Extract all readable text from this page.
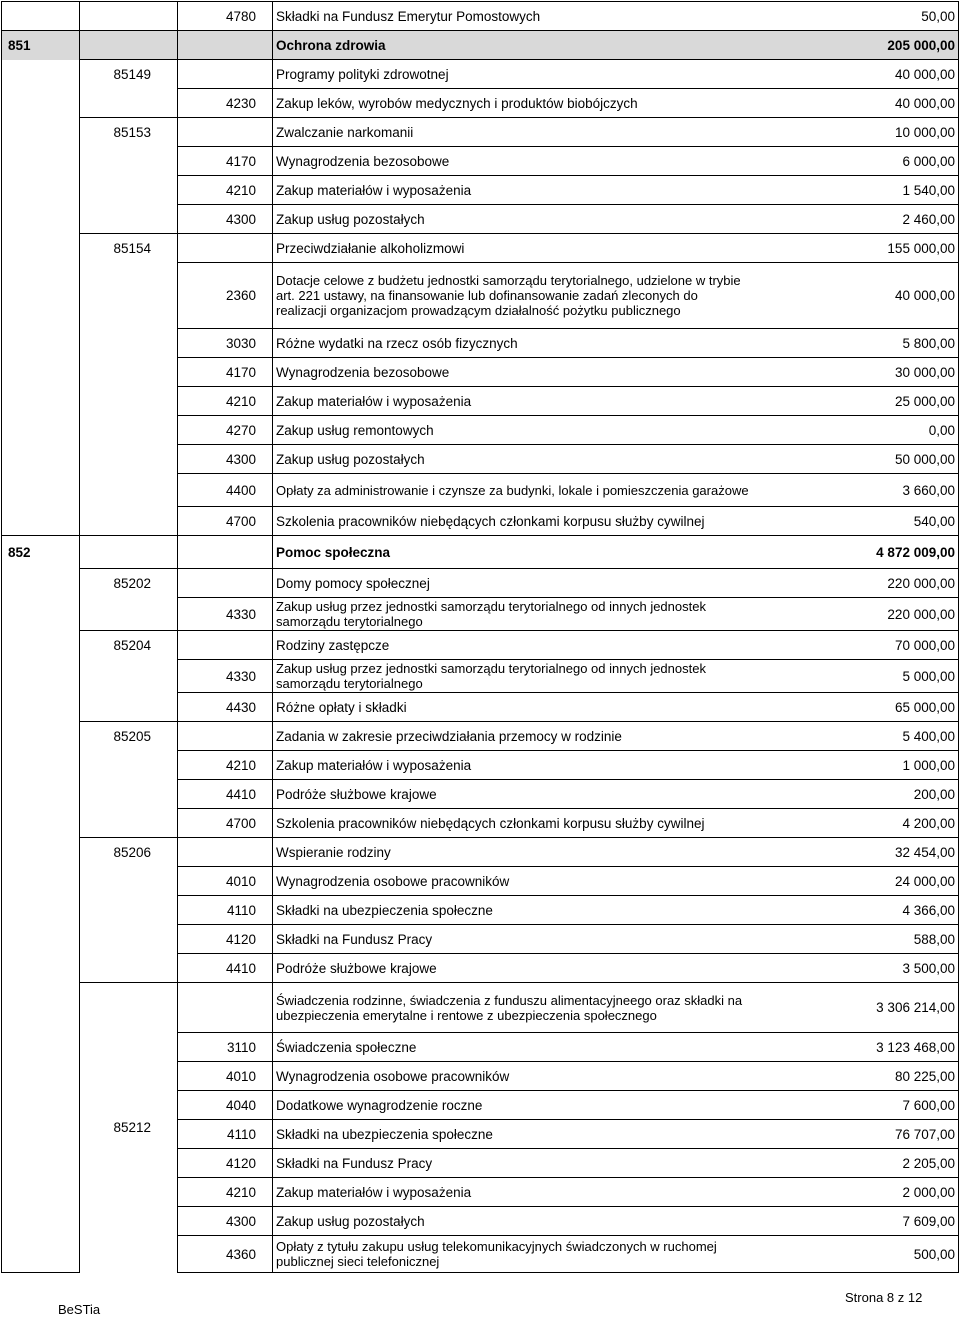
		4780	Składki na Fundusz Emerytur Pomostowych	50,00
851			Ochrona zdrowia	205 000,00
	85149		Programy polityki zdrowotnej	40 000,00
		4230	Zakup leków, wyrobów medycznych i produktów biobójczych	40 000,00
	85153		Zwalczanie narkomanii	10 000,00
		4170	Wynagrodzenia bezosobowe	6 000,00
		4210	Zakup materiałów i wyposażenia	1 540,00
		4300	Zakup usług pozostałych	2 460,00
	85154		Przeciwdziałanie alkoholizmowi	155 000,00
		2360	Dotacje celowe z budżetu jednostki samorządu terytorialnego, udzielone w trybie art. 221 ustawy, na finansowanie lub dofinansowanie zadań zleconych do realizacji organizacjom prowadzącym działalność pożytku publicznego	40 000,00
		3030	Różne wydatki na rzecz osób fizycznych	5 800,00
		4170	Wynagrodzenia bezosobowe	30 000,00
		4210	Zakup materiałów i wyposażenia	25 000,00
		4270	Zakup usług remontowych	0,00
		4300	Zakup usług pozostałych	50 000,00
		4400	Opłaty za administrowanie i czynsze za budynki, lokale i pomieszczenia garażowe	3 660,00
		4700	Szkolenia pracowników niebędących członkami korpusu służby cywilnej	540,00
852			Pomoc społeczna	4 872 009,00
	85202		Domy pomocy społecznej	220 000,00
		4330	Zakup usług przez jednostki samorządu terytorialnego od innych jednostek samorządu terytorialnego	220 000,00
	85204		Rodziny zastępcze	70 000,00
		4330	Zakup usług przez jednostki samorządu terytorialnego od innych jednostek samorządu terytorialnego	5 000,00
		4430	Różne opłaty i składki	65 000,00
	85205		Zadania w zakresie przeciwdziałania przemocy w rodzinie	5 400,00
		4210	Zakup materiałów i wyposażenia	1 000,00
		4410	Podróże służbowe krajowe	200,00
		4700	Szkolenia pracowników niebędących członkami korpusu służby cywilnej	4 200,00
	85206		Wspieranie rodziny	32 454,00
		4010	Wynagrodzenia osobowe pracowników	24 000,00
		4110	Składki na ubezpieczenia społeczne	4 366,00
		4120	Składki na Fundusz Pracy	588,00
		4410	Podróże służbowe krajowe	3 500,00
	85212		Świadczenia rodzinne, świadczenia z funduszu alimentacyjneego oraz składki na ubezpieczenia emerytalne i rentowe z ubezpieczenia społecznego	3 306 214,00
		3110	Świadczenia społeczne	3 123 468,00
		4010	Wynagrodzenia osobowe pracowników	80 225,00
		4040	Dodatkowe wynagrodzenie roczne	7 600,00
		4110	Składki na ubezpieczenia społeczne	76 707,00
		4120	Składki na Fundusz Pracy	2 205,00
		4210	Zakup materiałów i wyposażenia	2 000,00
		4300	Zakup usług pozostałych	7 609,00
		4360	Opłaty z tytułu zakupu usług telekomunikacyjnych świadczonych w ruchomej publicznej sieci telefonicznej	500,00
BeSTia
Strona 8 z 12
